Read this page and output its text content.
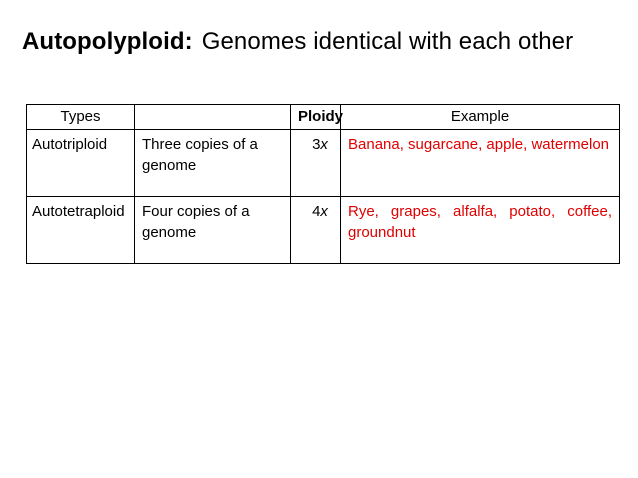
Autopolyploid: Genomes identical with each other
Types		Ploidy	Example
Autotriploid	Three copies of a genome	3x	Banana, sugarcane, apple, watermelon
Autotetraploid	Four copies of a genome	4x	Rye, grapes, alfalfa, potato, coffee, groundnut
